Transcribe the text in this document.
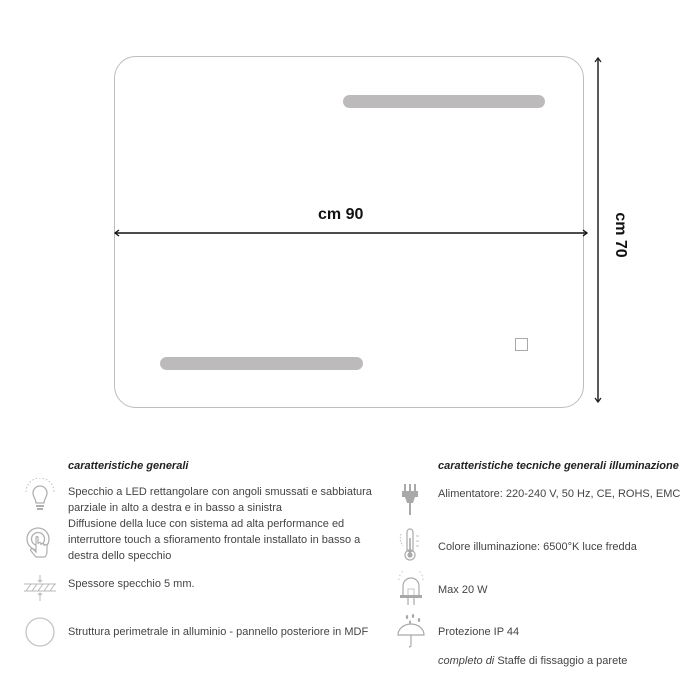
cm 90	cm 70
caratteristiche generali
Specchio a LED rettangolare con angoli smussati e sabbiatura parziale in alto a destra e in basso a sinistra
Diffusione della luce con sistema ad alta performance ed interruttore touch a sfioramento frontale installato in basso a destra dello specchio
Spessore specchio 5 mm.
Struttura perimetrale in alluminio - pannello posteriore in MDF
caratteristiche tecniche generali illuminazione
Alimentatore: 220-240 V, 50 Hz, CE, ROHS, EMC
Colore illuminazione: 6500°K luce fredda
Max 20 W
Protezione IP 44
completo di Staffe di fissaggio a parete
